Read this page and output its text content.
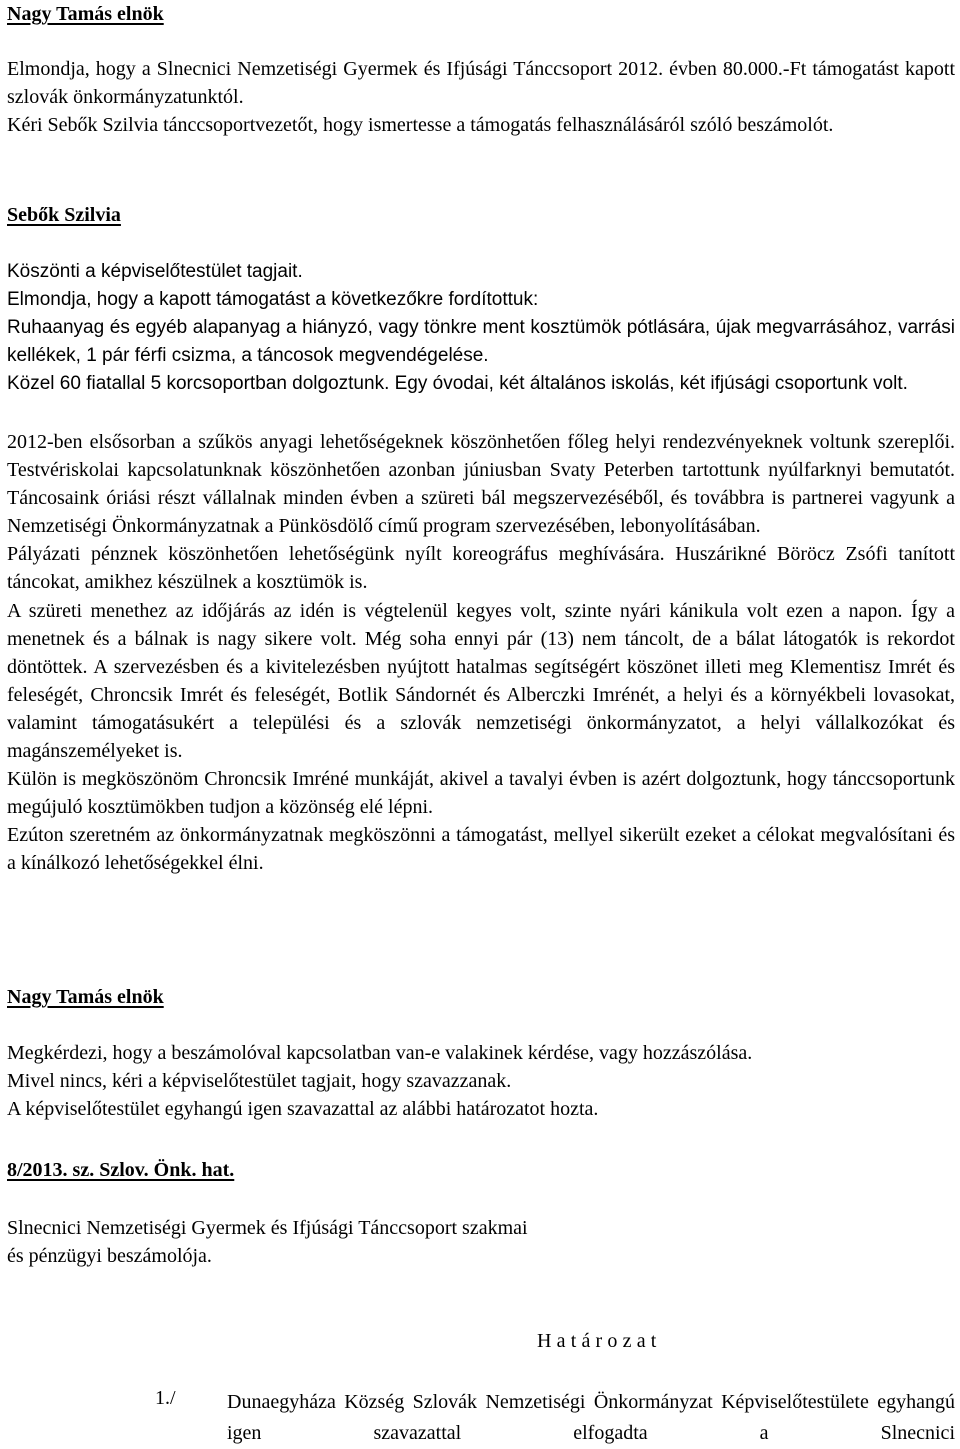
Nagy Tamás elnök

Elmondja, hogy a Slnecnici Nemzetiségi Gyermek és Ifjúsági Tánccsoport 2012. évben 80.000.-Ft támogatást kapott szlovák önkormányzatunktól.

Kéri Sebők Szilvia tánccsoportvezetőt, hogy ismertesse a támogatás felhasználásáról szóló beszámolót.

Sebők Szilvia

Köszönti a képviselőtestület tagjait.

Elmondja, hogy a kapott támogatást a következőkre fordítottuk:

Ruhaanyag és egyéb alapanyag a hiányzó, vagy tönkre ment kosztümök pótlására, újak megvarrásához, varrási kellékek, 1 pár férfi csizma, a táncosok megvendégelése.

Közel 60 fiatallal 5 korcsoportban dolgoztunk. Egy óvodai, két általános iskolás, két ifjúsági csoportunk volt.

2012-ben elsősorban a szűkös anyagi lehetőségeknek köszönhetően főleg helyi rendezvényeknek voltunk szereplői. Testvériskolai kapcsolatunknak köszönhetően azonban júniusban Svaty Peterben tartottunk nyúlfarknyi bemutatót. Táncosaink óriási részt vállalnak minden évben a szüreti bál megszervezéséből, és továbbra is partnerei vagyunk a Nemzetiségi Önkormányzatnak a Pünkösdölő című program szervezésében, lebonyolításában.

Pályázati pénznek köszönhetően lehetőségünk nyílt koreográfus meghívására. Huszárikné Böröcz Zsófi tanított táncokat, amikhez készülnek a kosztümök is.

A szüreti menethez az időjárás az idén is végtelenül kegyes volt, szinte nyári kánikula volt ezen a napon. Így a menetnek és a bálnak is nagy sikere volt. Még soha ennyi pár (13) nem táncolt, de a bálat látogatók is rekordot döntöttek. A szervezésben és a kivitelezésben nyújtott hatalmas segítségért köszönet illeti meg Klementisz Imrét és feleségét, Chroncsik Imrét és feleségét, Botlik Sándornét és Alberczki Imrénét, a helyi és a környékbeli lovasokat, valamint támogatásukért a települési és a szlovák nemzetiségi önkormányzatot, a helyi vállalkozókat és magánszemélyeket is.

Külön is megköszönöm Chroncsik Imréné munkáját, akivel a tavalyi évben is azért dolgoztunk, hogy tánccsoportunk megújuló kosztümökben tudjon a közönség elé lépni.

Ezúton szeretném az önkormányzatnak megköszönni a támogatást, mellyel sikerült ezeket a célokat megvalósítani és a kínálkozó lehetőségekkel élni.

Nagy Tamás elnök

Megkérdezi, hogy a beszámolóval kapcsolatban van-e valakinek kérdése, vagy hozzászólása.

Mivel nincs, kéri a képviselőtestület tagjait, hogy szavazzanak.

A képviselőtestület egyhangú igen szavazattal az alábbi határozatot hozta.

8/2013. sz. Szlov. Önk. hat.

Slnecnici Nemzetiségi Gyermek és Ifjúsági Tánccsoport szakmai

és pénzügyi beszámolója.

Határozat

1./	Dunaegyháza Község Szlovák Nemzetiségi Önkormányzat Képviselőtestülete egyhangú igen szavazattal elfogadta a Slnecnici
